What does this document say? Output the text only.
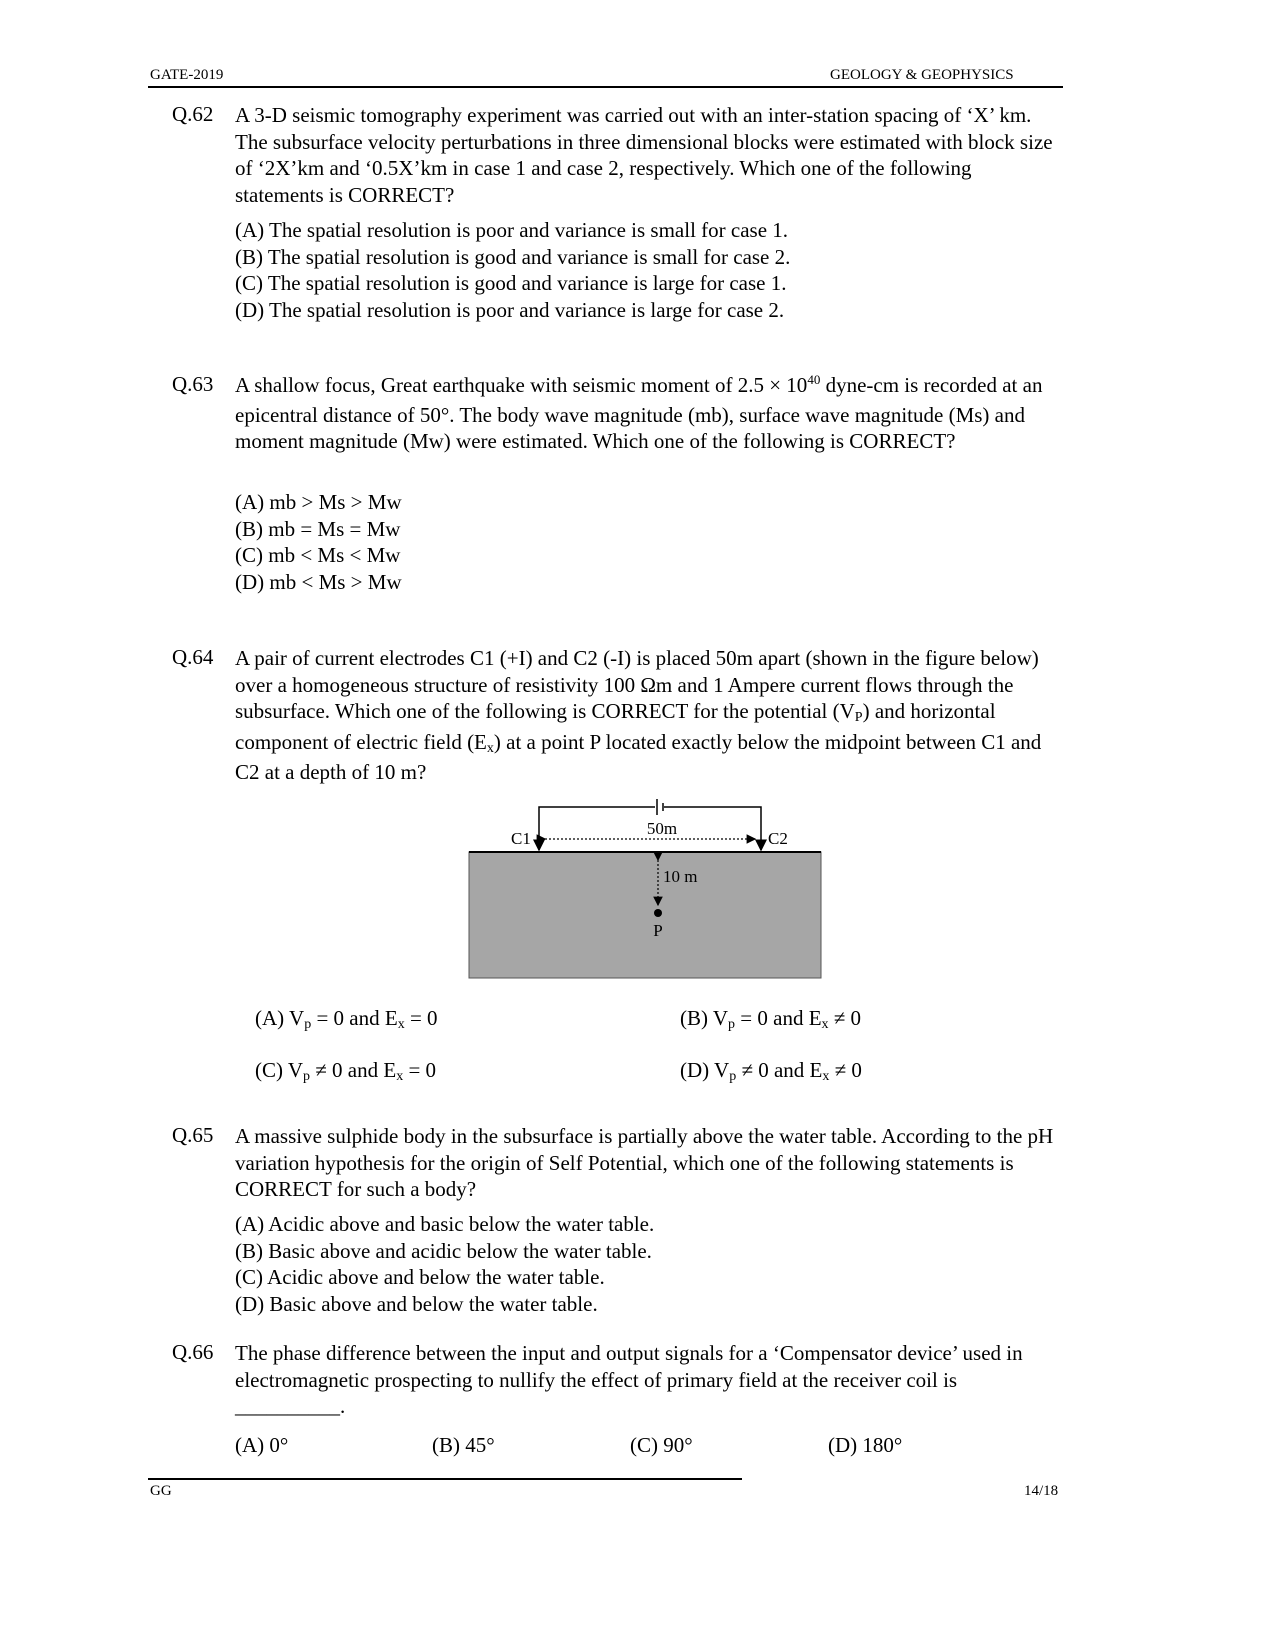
GATE-2019	GEOLOGY & GEOPHYSICS
Q.62 A 3-D seismic tomography experiment was carried out with an inter-station spacing of ‘X’ km. The subsurface velocity perturbations in three dimensional blocks were estimated with block size of ‘2X’km and ‘0.5X’km in case 1 and case 2, respectively. Which one of the following statements is CORRECT?
(A) The spatial resolution is poor and variance is small for case 1.
(B) The spatial resolution is good and variance is small for case 2.
(C) The spatial resolution is good and variance is large for case 1.
(D) The spatial resolution is poor and variance is large for case 2.
Q.63 A shallow focus, Great earthquake with seismic moment of $2.5 \times 10^{40}$ dyne-cm is recorded at an epicentral distance of 50°. The body wave magnitude (mb), surface wave magnitude (Ms) and moment magnitude (Mw) were estimated. Which one of the following is CORRECT?
(A) mb > Ms > Mw
(B) mb = Ms = Mw
(C) mb < Ms < Mw
(D) mb < Ms > Mw
Q.64 A pair of current electrodes C1 (+I) and C2 (-I) is placed 50m apart (shown in the figure below) over a homogeneous structure of resistivity 100 Ωm and 1 Ampere current flows through the subsurface. Which one of the following is CORRECT for the potential $(V_P)$ and horizontal component of electric field $(E_x)$ at a point P located exactly below the midpoint between C1 and C2 at a depth of 10 m?
50m
C1	C2
10 m
P
(A) $V_p = 0$ and $E_x = 0$	(B) $V_p = 0$ and $E_x \ne 0$
(C) $V_p \ne 0$ and $E_x = 0$	(D) $V_p \ne 0$ and $E_x \ne 0$
Q.65 A massive sulphide body in the subsurface is partially above the water table. According to the pH variation hypothesis for the origin of Self Potential, which one of the following statements is CORRECT for such a body?
(A) Acidic above and basic below the water table.
(B) Basic above and acidic below the water table.
(C) Acidic above and below the water table.
(D) Basic above and below the water table.
Q.66 The phase difference between the input and output signals for a ‘Compensator device’ used in electromagnetic prospecting to nullify the effect of primary field at the receiver coil is
__________.
(A) 0°	(B) 45°	(C) 90°	(D) 180°
GG	14/18
